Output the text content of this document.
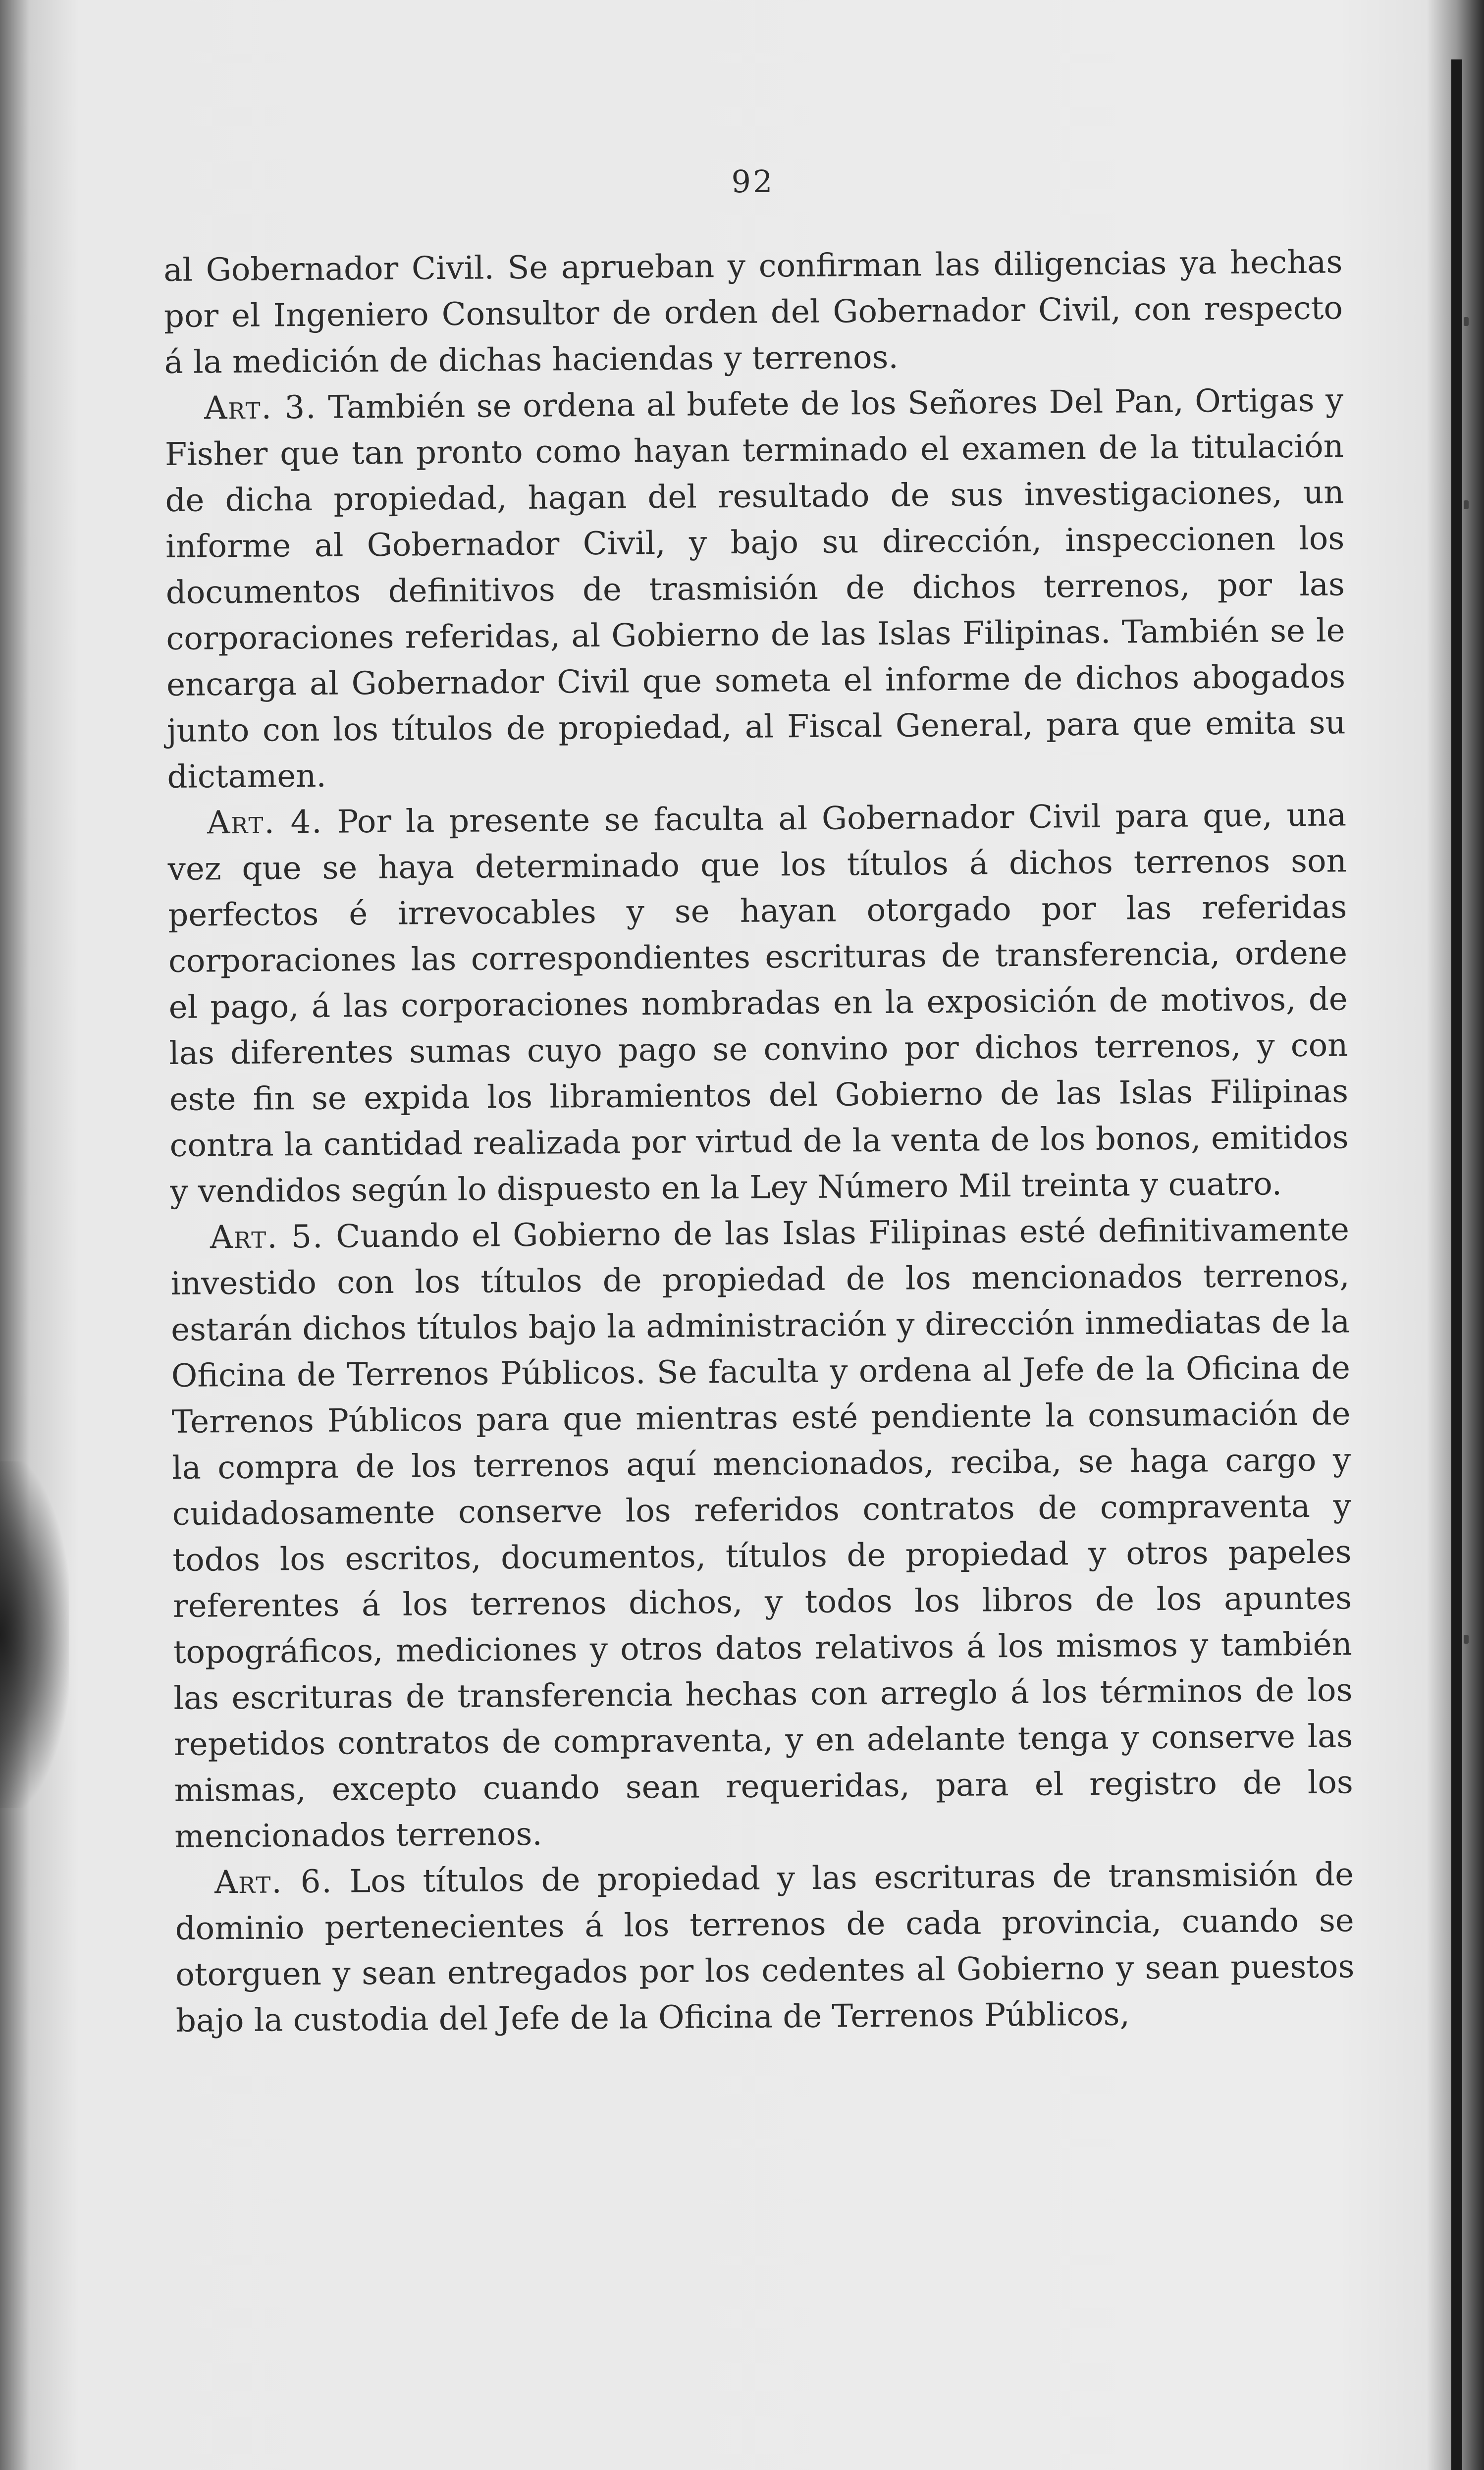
92

al Gobernador Civil. Se aprueban y confirman las diligencias ya hechas por el Ingeniero Consultor de orden del Gobernador Civil, con respecto á la medición de dichas haciendas y terrenos.

Art. 3. También se ordena al bufete de los Señores Del Pan, Ortigas y Fisher que tan pronto como hayan terminado el examen de la titulación de dicha propiedad, hagan del resultado de sus investigaciones, un informe al Gobernador Civil, y bajo su dirección, inspeccionen los documentos definitivos de trasmisión de dichos terrenos, por las corporaciones referidas, al Gobierno de las Islas Filipinas. También se le encarga al Gobernador Civil que someta el informe de dichos abogados junto con los títulos de propiedad, al Fiscal General, para que emita su dictamen.

Art. 4. Por la presente se faculta al Gobernador Civil para que, una vez que se haya determinado que los títulos á dichos terrenos son perfectos é irrevocables y se hayan otorgado por las referidas corporaciones las correspondientes escrituras de transferencia, ordene el pago, á las corporaciones nombradas en la exposición de motivos, de las diferentes sumas cuyo pago se convino por dichos terrenos, y con este fin se expida los libramientos del Gobierno de las Islas Filipinas contra la cantidad realizada por virtud de la venta de los bonos, emitidos y vendidos según lo dispuesto en la Ley Número Mil treinta y cuatro.

Art. 5. Cuando el Gobierno de las Islas Filipinas esté definitivamente investido con los títulos de propiedad de los mencionados terrenos, estarán dichos títulos bajo la administración y dirección inmediatas de la Oficina de Terrenos Públicos. Se faculta y ordena al Jefe de la Oficina de Terrenos Públicos para que mientras esté pendiente la consumación de la compra de los terrenos aquí mencionados, reciba, se haga cargo y cuidadosamente conserve los referidos contratos de compraventa y todos los escritos, documentos, títulos de propiedad y otros papeles referentes á los terrenos dichos, y todos los libros de los apuntes topográficos, mediciones y otros datos relativos á los mismos y también las escrituras de transferencia hechas con arreglo á los términos de los repetidos contratos de compraventa, y en adelante tenga y conserve las mismas, excepto cuando sean requeridas, para el registro de los mencionados terrenos.

Art. 6. Los títulos de propiedad y las escrituras de transmisión de dominio pertenecientes á los terrenos de cada provincia, cuando se otorguen y sean entregados por los cedentes al Gobierno y sean puestos bajo la custodia del Jefe de la Oficina de Terrenos Públicos,
